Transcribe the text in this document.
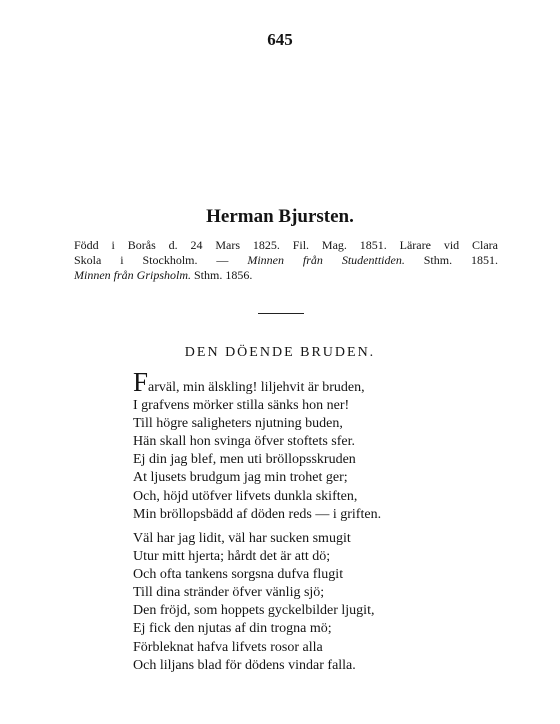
645
Herman Bjursten.
Född i Borås d. 24 Mars 1825. Fil. Mag. 1851. Lärare vid Clara
Skola i Stockholm. — Minnen från Studenttiden. Sthm. 1851.
Minnen från Gripsholm. Sthm. 1856.
DEN DÖENDE BRUDEN.
Farväl, min älskling! liljehvit är bruden,
I grafvens mörker stilla sänks hon ner!
Till högre saligheters njutning buden,
Hän skall hon svinga öfver stoftets sfer.
Ej din jag blef, men uti bröllopsskruden
At ljusets brudgum jag min trohet ger;
Och, höjd utöfver lifvets dunkla skiften,
Min bröllopsbädd af döden reds — i griften.
Väl har jag lidit, väl har sucken smugit
Utur mitt hjerta; hårdt det är att dö;
Och ofta tankens sorgsna dufva flugit
Till dina stränder öfver vänlig sjö;
Den fröjd, som hoppets gyckelbilder ljugit,
Ej fick den njutas af din trogna mö;
Förbleknat hafva lifvets rosor alla
Och liljans blad för dödens vindar falla.
